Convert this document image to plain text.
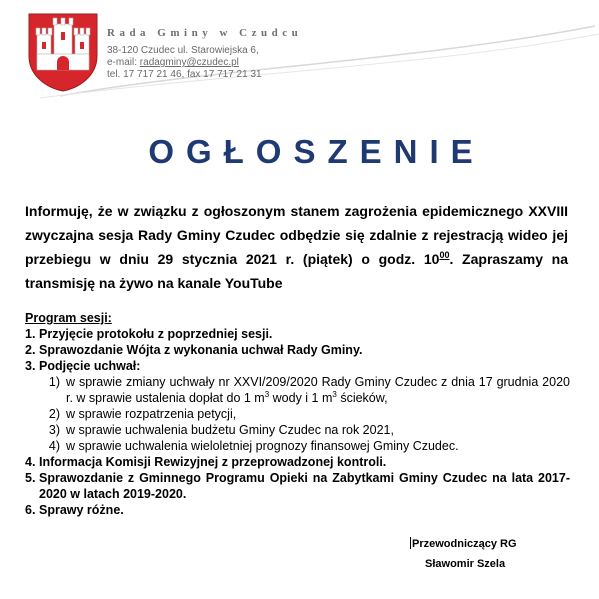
Rada Gminy w Czudcu
38-120 Czudec ul. Starowiejska 6,
e-mail: radagminy@czudec.pl
tel. 17 717 21 46, fax 17 717 21 31
OGŁOSZENIE
Informuję, że w związku z ogłoszonym stanem zagrożenia epidemicznego XXVIII zwyczajna sesja Rady Gminy Czudec odbędzie się zdalnie z rejestracją wideo jej przebiegu w dniu 29 stycznia 2021 r. (piątek) o godz. $10^{00}$. Zapraszamy na transmisję na żywo na kanale YouTube
Program sesji:
1. Przyjęcie protokołu z poprzedniej sesji.
2. Sprawozdanie Wójta z wykonania uchwał Rady Gminy.
3. Podjęcie uchwał:
1) w sprawie zmiany uchwały nr XXVI/209/2020 Rady Gminy Czudec z dnia 17 grudnia 2020 r. w sprawie ustalenia dopłat do 1 $m^3$ wody i 1 $m^3$ ścieków,
2) w sprawie rozpatrzenia petycji,
3) w sprawie uchwalenia budżetu Gminy Czudec na rok 2021,
4) w sprawie uchwalenia wieloletniej prognozy finansowej Gminy Czudec.
4. Informacja Komisji Rewizyjnej z przeprowadzonej kontroli.
5. Sprawozdanie z Gminnego Programu Opieki na Zabytkami Gminy Czudec na lata 2017-2020 w latach 2019-2020.
6. Sprawy różne.
Przewodniczący RG
Sławomir Szela
